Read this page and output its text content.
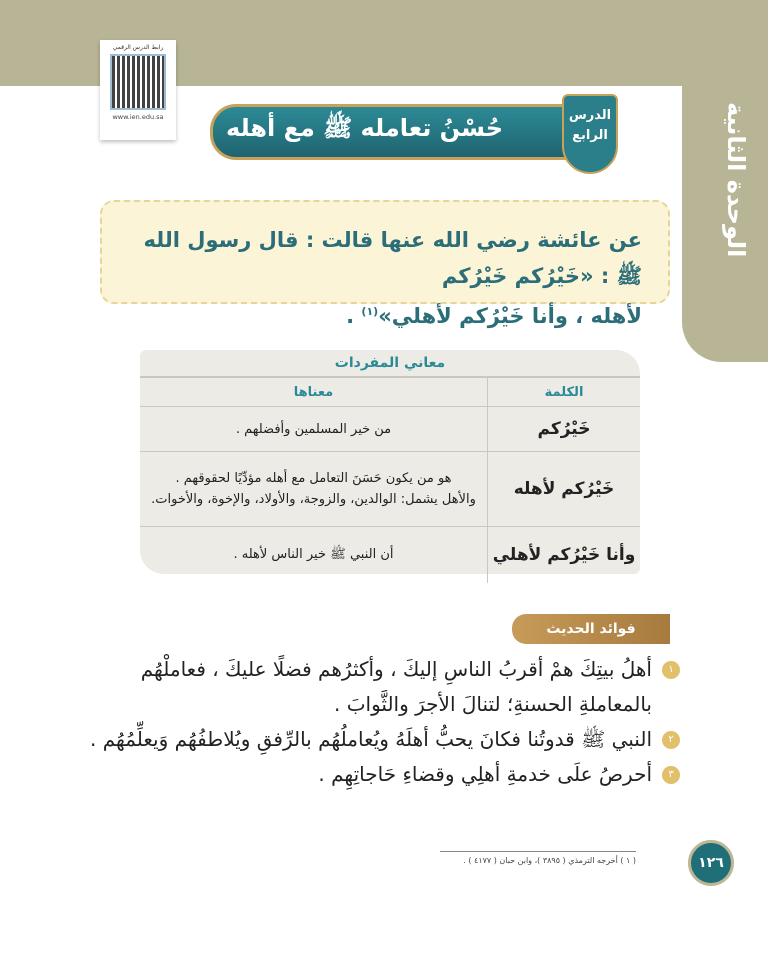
الوحدة الثانية
رابط الدرس الرقمي
www.ien.edu.sa	حُسْنُ تعامله ﷺ مع أهله	الدرس
الرابع
عن عائشة رضي الله عنها قالت : قال رسول الله ﷺ : «خَيْرُكم خَيْرُكم
لأهله ، وأنا خَيْرُكم لأهلي»$^{(١)}$ .
معاني المفردات
الكلمة	معناها
خَيْرُكم	من خير المسلمين وأفضلهم .

خَيْرُكم لأهله	هو من يكون حَسَنَ التعامل مع أهله مؤدِّيًا لحقوقهم .
والأهل يشمل: الوالدين، والزوجة، والأولاد، والإخوة، والأخوات.

وأنا خَيْرُكم لأهلي	أن النبي ﷺ خير الناس لأهله .
فوائد الحديث
١
أهلُ بيتِكَ همْ أقربُ الناسِ إليكَ ، وأكثرُهم فضلًا عليكَ ، فعاملْهُم بالمعاملةِ الحسنةِ؛ لتنالَ الأجرَ والثَّوابَ .
٢
النبي ﷺ قدوتُنا فكانَ يحبُّ أهلَهُ ويُعاملُهُم بالرِّفقِ ويُلاطفُهُم وَيعلِّمُهُم .
٣
أحرصُ علَى خدمةِ أهلِي وقضاءِ حَاجاتِهِم .
( ١ ) أخرجه الترمذي ( ٣٨٩٥ )، وابن حبان ( ٤١٧٧ ) .	١٢٦
